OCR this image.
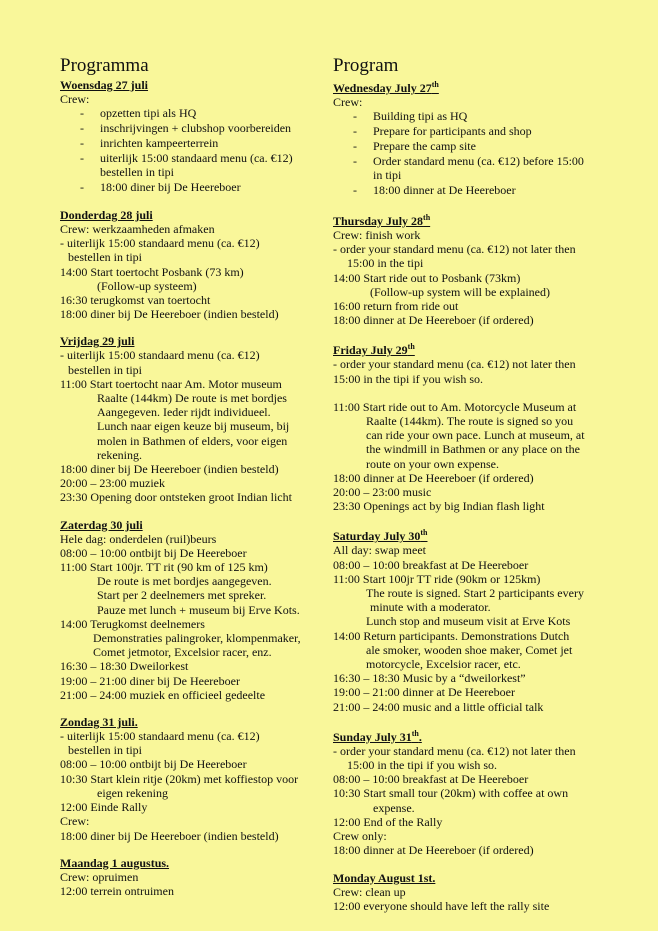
Programma
Woensdag 27 juli
Crew:
- opzetten tipi als HQ
- inschrijvingen + clubshop voorbereiden
- inrichten kampeerterrein
- uiterlijk 15:00 standaard menu (ca. €12)
bestellen in tipi
- 18:00 diner bij De Heereboer
Donderdag 28 juli
Crew: werkzaamheden afmaken
- uiterlijk 15:00 standaard menu (ca. €12)
bestellen in tipi
14:00 Start toertocht Posbank (73 km)
(Follow-up systeem)
16:30 terugkomst van toertocht
18:00 diner bij De Heereboer (indien besteld)
Vrijdag 29 juli
- uiterlijk 15:00 standaard menu (ca. €12)
bestellen in tipi
11:00 Start toertocht naar Am. Motor museum
Raalte (144km) De route is met bordjes
Aangegeven. Ieder rijdt individueel.
Lunch naar eigen keuze bij museum, bij
molen in Bathmen of elders, voor eigen
rekening.
18:00 diner bij De Heereboer (indien besteld)
20:00 – 23:00 muziek
23:30 Opening door ontsteken groot Indian licht
Zaterdag 30 juli
Hele dag: onderdelen (ruil)beurs
08:00 – 10:00 ontbijt bij De Heereboer
11:00 Start 100jr. TT rit (90 km of 125 km)
De route is met bordjes aangegeven.
Start per 2 deelnemers met spreker.
Pauze met lunch + museum bij Erve Kots.
14:00 Terugkomst deelnemers
Demonstraties palingroker, klompenmaker,
Comet jetmotor, Excelsior racer, enz.
16:30 – 18:30 Dweilorkest
19:00 – 21:00 diner bij De Heereboer
21:00 – 24:00 muziek en officieel gedeelte
Zondag 31 juli.
- uiterlijk 15:00 standaard menu (ca. €12)
bestellen in tipi
08:00 – 10:00 ontbijt bij De Heereboer
10:30 Start klein ritje (20km) met koffiestop voor
eigen rekening
12:00 Einde Rally
Crew:
18:00 diner bij De Heereboer (indien besteld)
Maandag 1 augustus.
Crew: opruimen
12:00 terrein ontruimen
Program
Wednesday July 27th
Crew:
- Building tipi as HQ
- Prepare for participants and shop
- Prepare the camp site
- Order standard menu (ca. €12) before 15:00
in tipi
- 18:00 dinner at De Heereboer
Thursday July 28th
Crew: finish work
- order your standard menu (ca. €12) not later then
15:00 in the tipi
14:00 Start ride out to Posbank (73km)
(Follow-up system will be explained)
16:00 return from ride out
18:00 dinner at De Heereboer (if ordered)
Friday July 29th
- order your standard menu (ca. €12) not later then
15:00 in the tipi if you wish so.
11:00 Start ride out to Am. Motorcycle Museum at
Raalte (144km). The route is signed so you
can ride your own pace. Lunch at museum, at
the windmill in Bathmen or any place on the
route on your own expense.
18:00 dinner at De Heereboer (if ordered)
20:00 – 23:00 music
23:30 Openings act by big Indian flash light
Saturday July 30th
All day: swap meet
08:00 – 10:00 breakfast at De Heereboer
11:00 Start 100jr TT ride (90km or 125km)
The route is signed. Start 2 participants every
minute with a moderator.
Lunch stop and museum visit at Erve Kots
14:00 Return participants. Demonstrations Dutch
ale smoker, wooden shoe maker, Comet jet
motorcycle, Excelsior racer, etc.
16:30 – 18:30 Music by a “dweilorkest”
19:00 – 21:00 dinner at De Heereboer
21:00 – 24:00 music and a little official talk
Sunday July 31th.
- order your standard menu (ca. €12) not later then
15:00 in the tipi if you wish so.
08:00 – 10:00 breakfast at De Heereboer
10:30 Start small tour (20km) with coffee at own
expense.
12:00 End of the Rally
Crew only:
18:00 dinner at De Heereboer (if ordered)
Monday August 1st.
Crew: clean up
12:00 everyone should have left the rally site
